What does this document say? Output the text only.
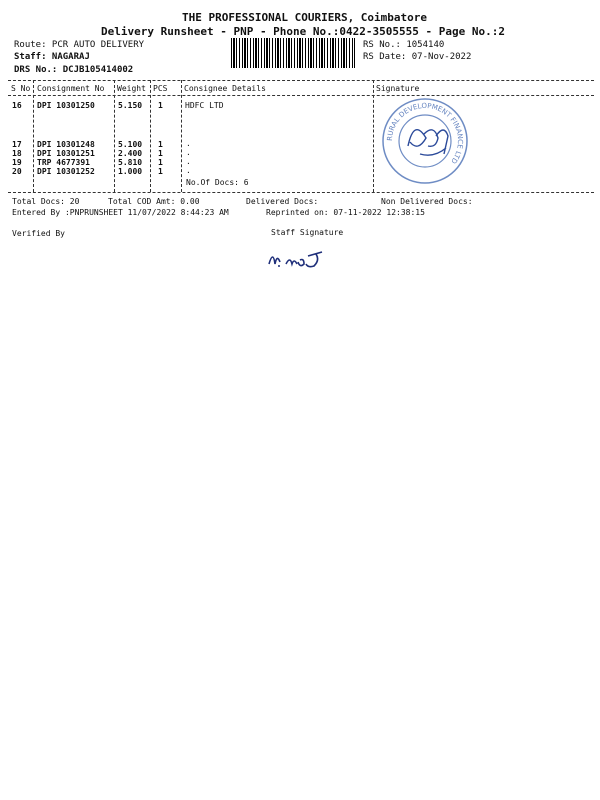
THE PROFESSIONAL COURIERS, Coimbatore
Delivery Runsheet - PNP - Phone No.:0422-3505555 - Page No.:2
Route: PCR AUTO DELIVERY
Staff: NAGARAJ
DRS No.: DCJB105414002
RS No.: 1054140
RS Date: 07-Nov-2022
S No Consignment No Weight PCS Consignee Details	Signature
16 DPI 10301250	5.150 1	HDFC LTD
17 DPI 10301248	5.100 1	.
18 DPI 10301251	2.400 1	.
19 TRP 4677391	5.810 1	.
20 DPI 10301252	1.000 1	.
No.Of Docs: 6
RURAL DEVELOPMENT FINANCE LTD
Total Docs: 20	Total COD Amt: 0.00	Delivered Docs:	Non Delivered Docs:
Entered By :PNPRUNSHEET 11/07/2022 8:44:23 AM	Reprinted on: 07-11-2022 12:38:15
Verified By	Staff Signature
